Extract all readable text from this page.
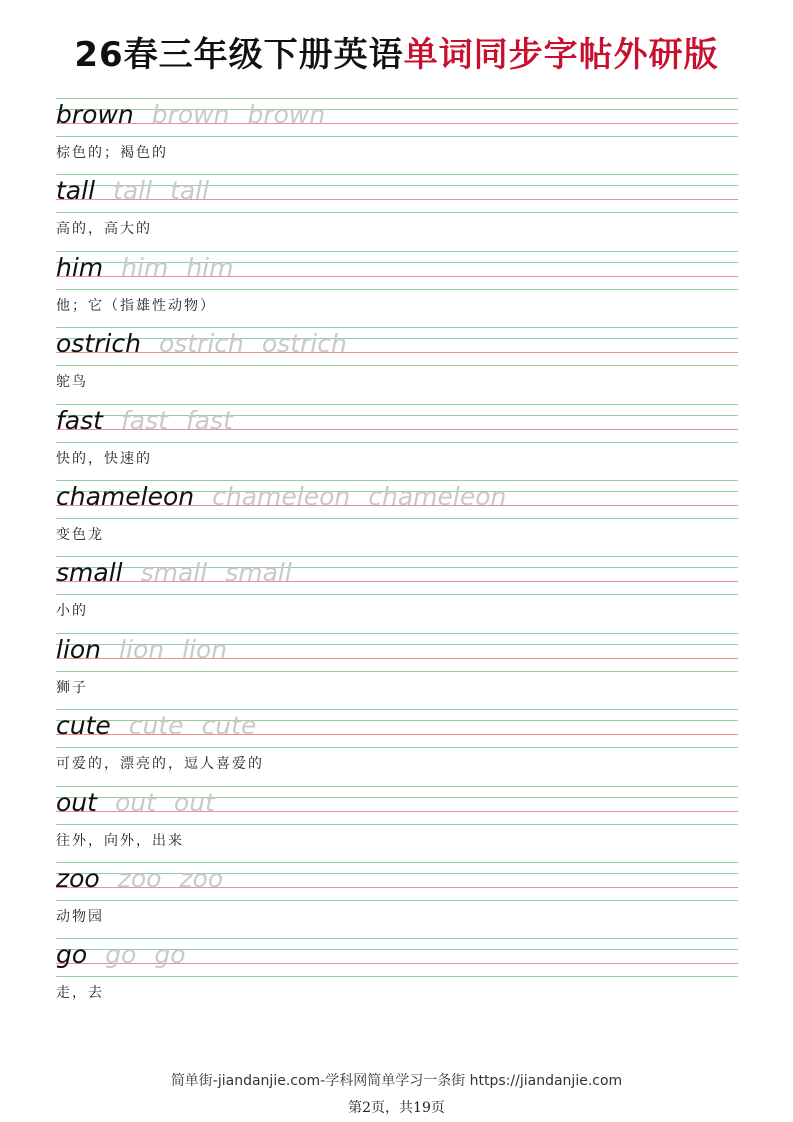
26春三年级下册英语单词同步字帖外研版
brown brown brown
棕色的；褐色的
tall tall tall
高的，高大的
him him him
他；它（指雄性动物）
ostrich ostrich ostrich
鸵鸟
fast fast fast
快的，快速的
chameleon chameleon chameleon
变色龙
small small small
小的
lion lion lion
狮子
cute cute cute
可爱的，漂亮的，逗人喜爱的
out out out
往外，向外，出来
zoo zoo zoo
动物园
go go go
走，去
简单街-jiandanjie.com-学科网简单学习一条街 https://jiandanjie.com
第2页，共19页
